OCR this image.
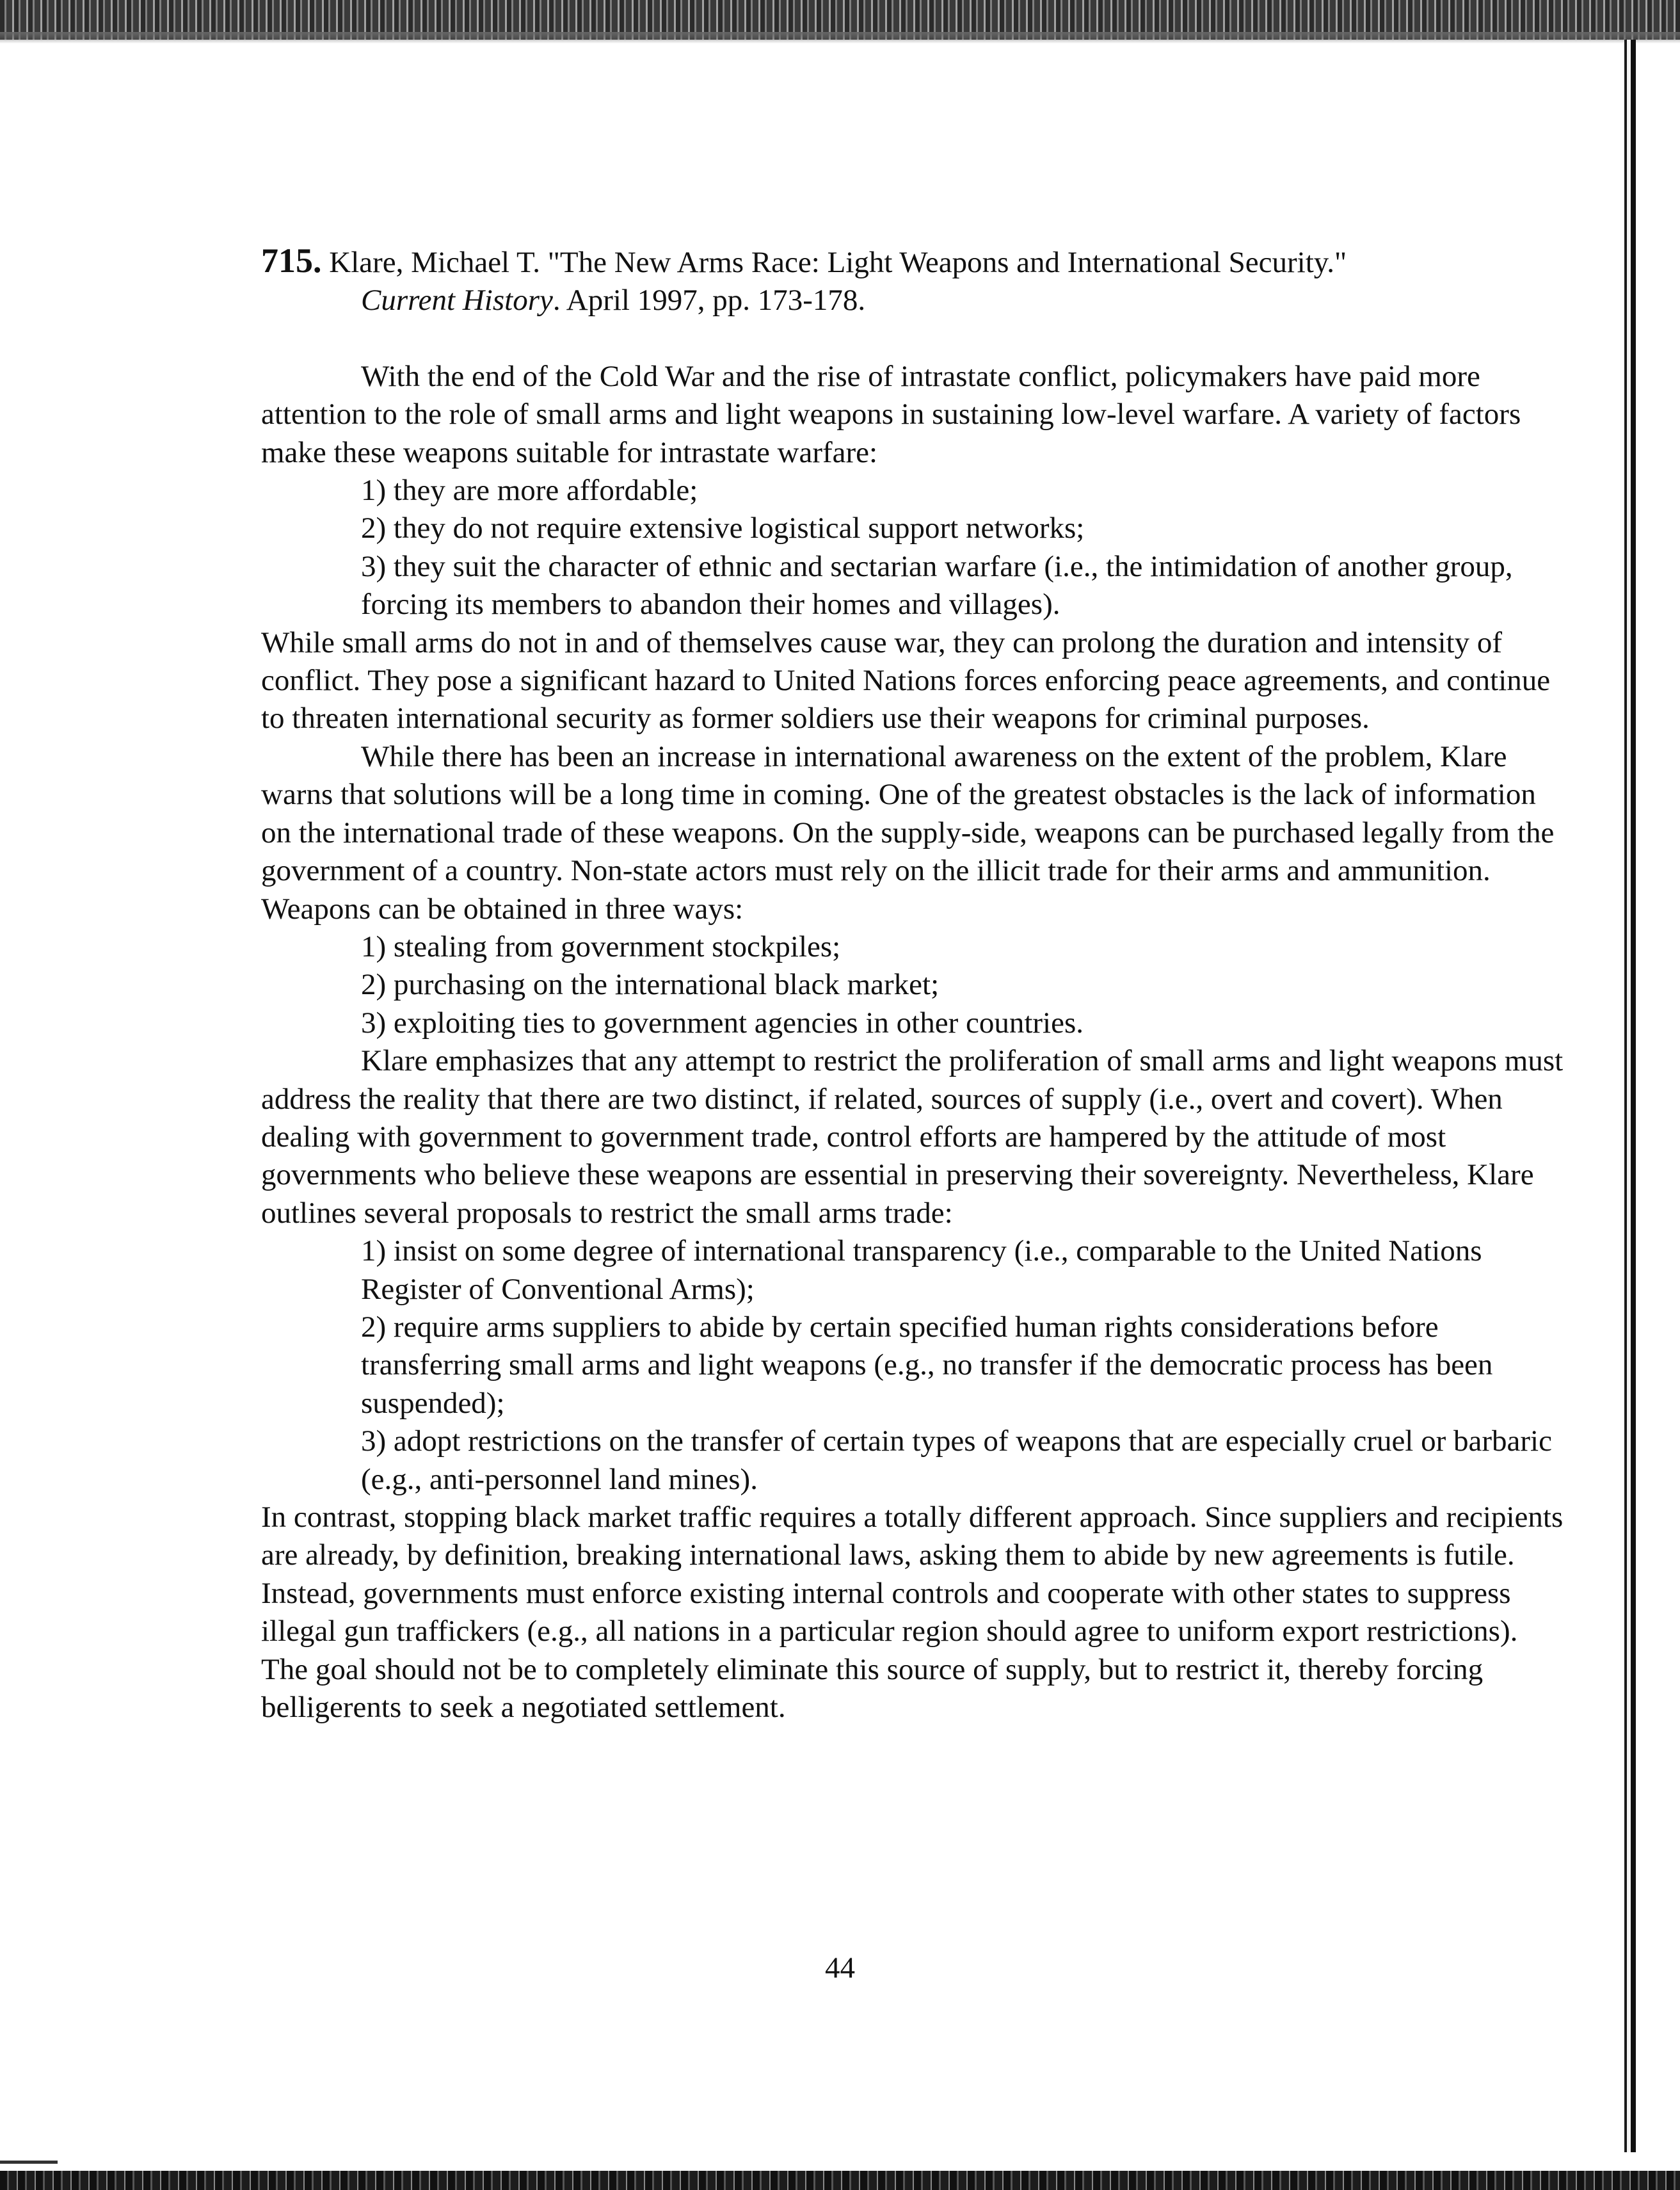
715. Klare, Michael T. "The New Arms Race: Light Weapons and International Security."

Current History. April 1997, pp. 173-178.

With the end of the Cold War and the rise of intrastate conflict, policymakers have paid more attention to the role of small arms and light weapons in sustaining low-level warfare. A variety of factors make these weapons suitable for intrastate warfare:

1) they are more affordable;

2) they do not require extensive logistical support networks;

3) they suit the character of ethnic and sectarian warfare (i.e., the intimidation of another group, forcing its members to abandon their homes and villages).

While small arms do not in and of themselves cause war, they can prolong the duration and intensity of conflict. They pose a significant hazard to United Nations forces enforcing peace agreements, and continue to threaten international security as former soldiers use their weapons for criminal purposes.

While there has been an increase in international awareness on the extent of the problem, Klare warns that solutions will be a long time in coming. One of the greatest obstacles is the lack of information on the international trade of these weapons. On the supply-side, weapons can be purchased legally from the government of a country. Non-state actors must rely on the illicit trade for their arms and ammunition. Weapons can be obtained in three ways:

1) stealing from government stockpiles;

2) purchasing on the international black market;

3) exploiting ties to government agencies in other countries.

Klare emphasizes that any attempt to restrict the proliferation of small arms and light weapons must address the reality that there are two distinct, if related, sources of supply (i.e., overt and covert). When dealing with government to government trade, control efforts are hampered by the attitude of most governments who believe these weapons are essential in preserving their sovereignty. Nevertheless, Klare outlines several proposals to restrict the small arms trade:

1) insist on some degree of international transparency (i.e., comparable to the United Nations Register of Conventional Arms);

2) require arms suppliers to abide by certain specified human rights considerations before transferring small arms and light weapons (e.g., no transfer if the democratic process has been suspended);

3) adopt restrictions on the transfer of certain types of weapons that are especially cruel or barbaric (e.g., anti-personnel land mines).

In contrast, stopping black market traffic requires a totally different approach. Since suppliers and recipients are already, by definition, breaking international laws, asking them to abide by new agreements is futile. Instead, governments must enforce existing internal controls and cooperate with other states to suppress illegal gun traffickers (e.g., all nations in a particular region should agree to uniform export restrictions). The goal should not be to completely eliminate this source of supply, but to restrict it, thereby forcing belligerents to seek a negotiated settlement.

44
